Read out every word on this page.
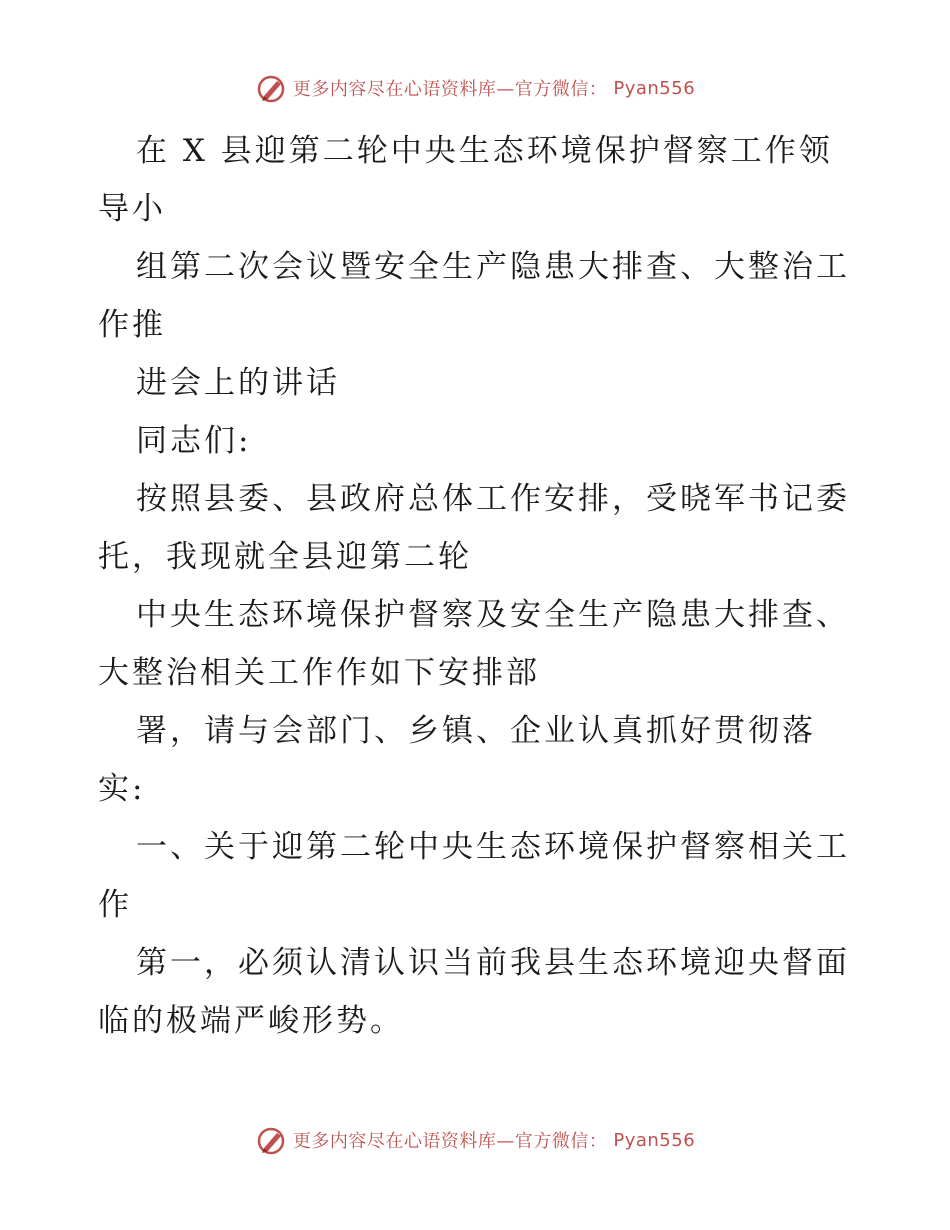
更多内容尽在心语资料库—官方微信： Pyan556
在 X 县迎第二轮中央生态环境保护督察工作领
导小
组第二次会议暨安全生产隐患大排查、大整治工
作推
进会上的讲话
同志们:
按照县委、县政府总体工作安排，受晓军书记委
托，我现就全县迎第二轮
中央生态环境保护督察及安全生产隐患大排查、
大整治相关工作作如下安排部
署，请与会部门、乡镇、企业认真抓好贯彻落
实:
一、关于迎第二轮中央生态环境保护督察相关工
作
第一，必须认清认识当前我县生态环境迎央督面
临的极端严峻形势。
更多内容尽在心语资料库—官方微信： Pyan556
